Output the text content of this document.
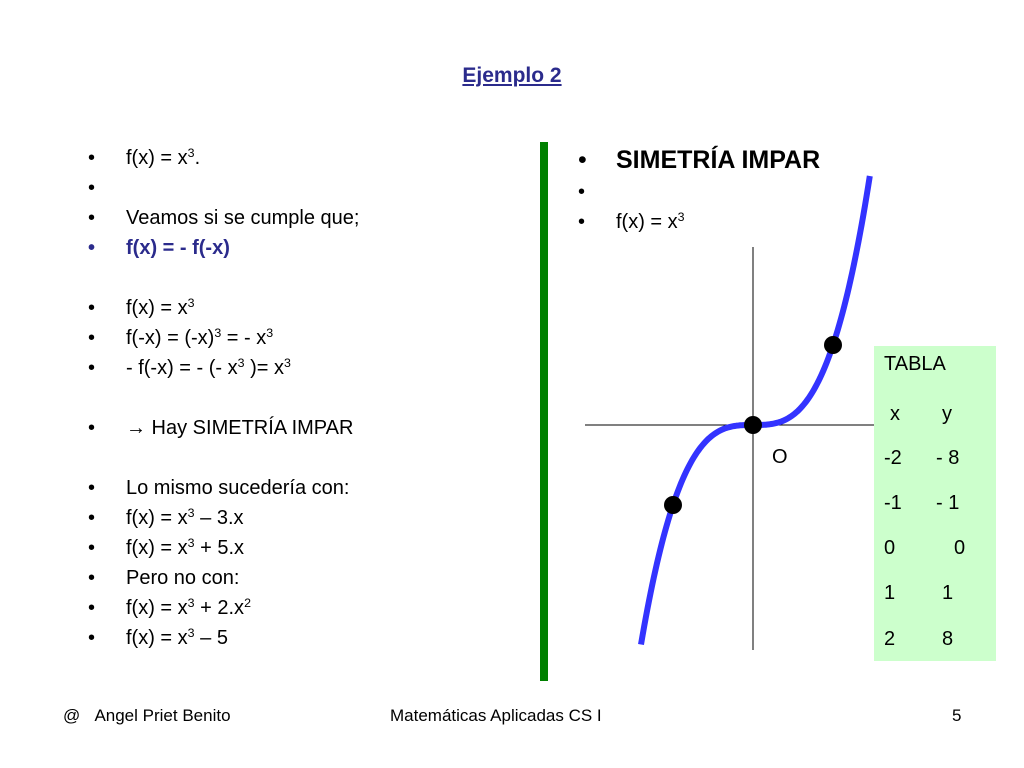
Ejemplo 2
• $f(x) = x^3$.
•
• Veamos si se cumple que;
• f(x) = - f(-x)
• $f(x) = x^3$
• $f(-x) = (-x)^3$ = - $x^3$
• - f(-x) = - (- $x^3$ )= $x^3$
• → Hay SIMETRÍA IMPAR
• Lo mismo sucedería con:
• $f(x) = x^3 - 3.x$
• $f(x) = x^3 + 5.x$
• Pero no con:
• $f(x) = x^3 + 2.x^2$
• $f(x) = x^3 - 5$
• SIMETRÍA IMPAR
•
• $f(x) = x^3$
O
TABLA
x y
-2 - 8
-1 - 1
0	0
1 1
2 8
@ Angel Priet Benito	Matemáticas Aplicadas CS I	5
